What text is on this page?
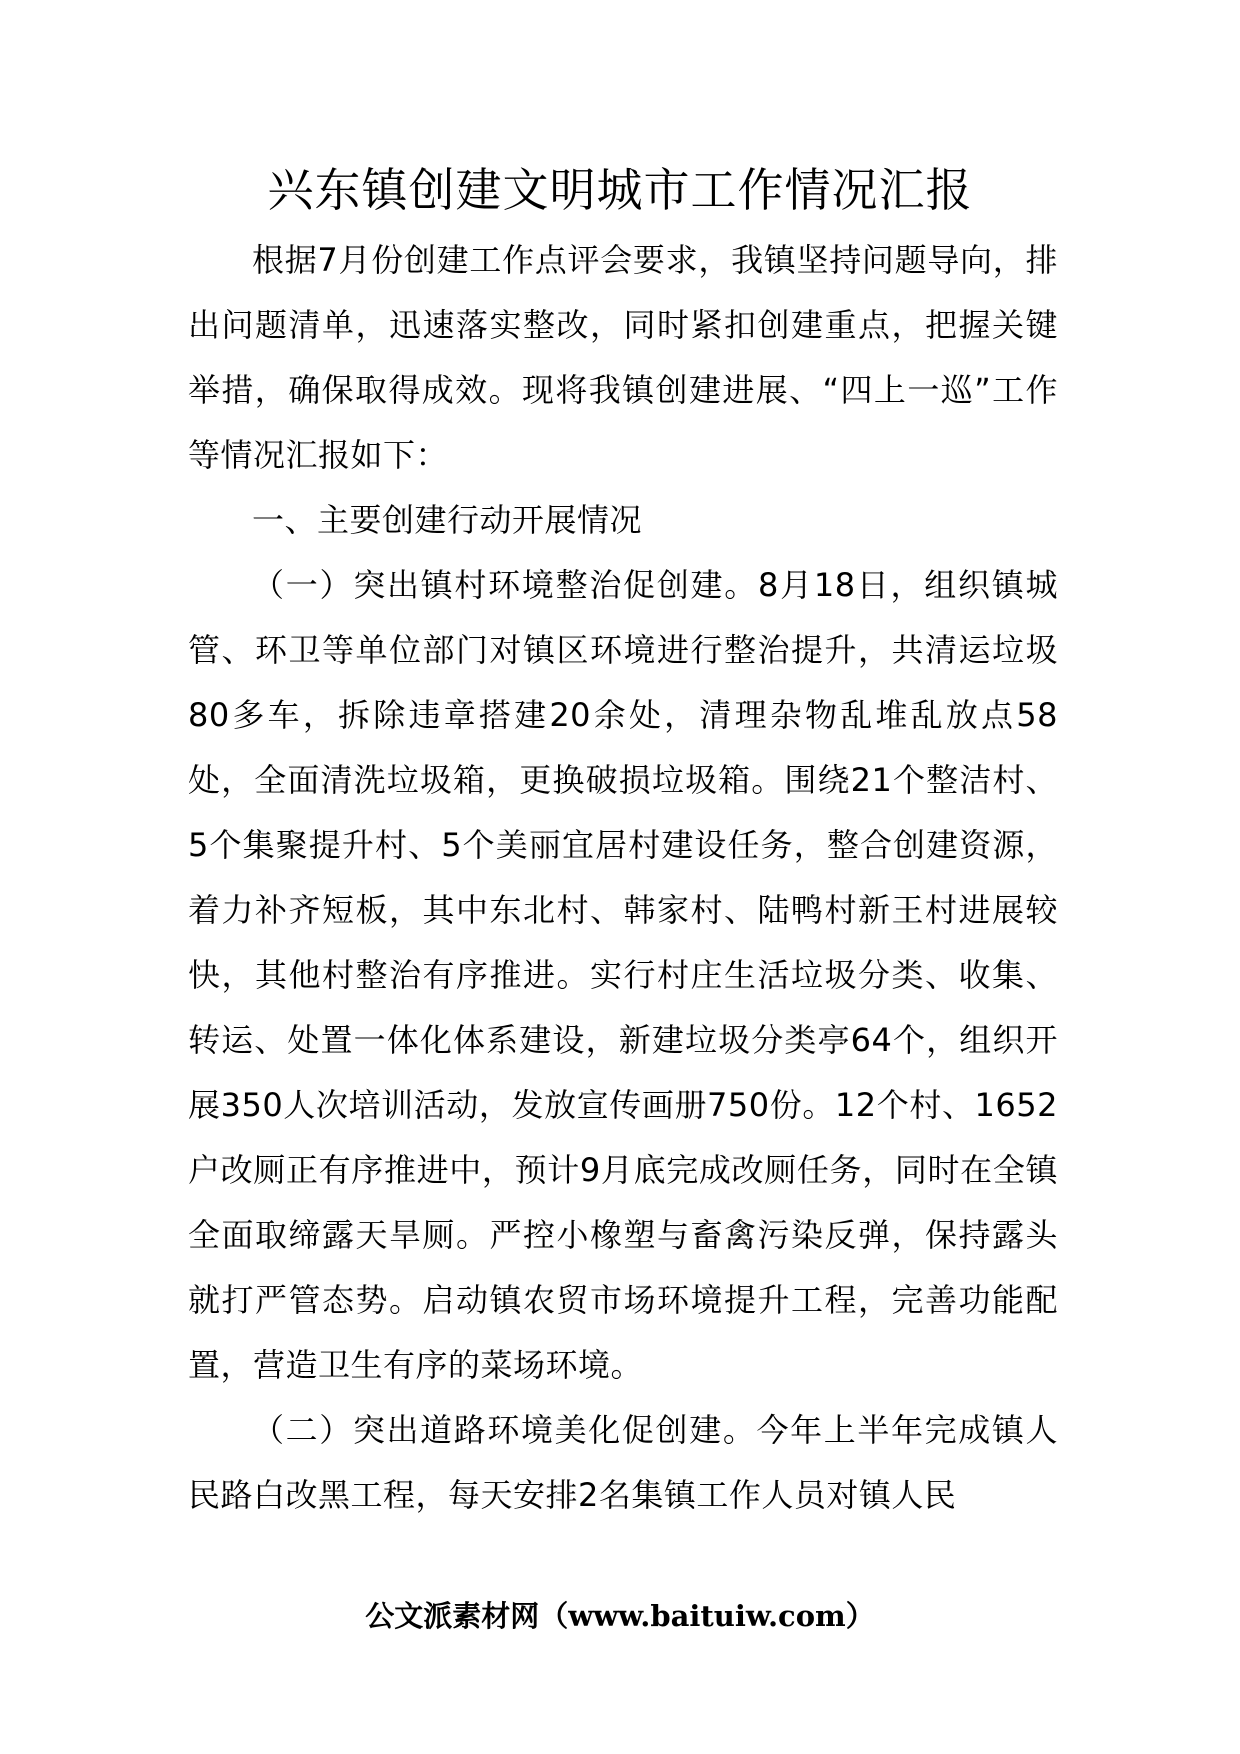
兴东镇创建文明城市工作情况汇报

根据7月份创建工作点评会要求，我镇坚持问题导向，排出问题清单，迅速落实整改，同时紧扣创建重点，把握关键举措，确保取得成效。现将我镇创建进展、“四上一巡”工作等情况汇报如下：

一、主要创建行动开展情况

（一）突出镇村环境整治促创建。8月18日，组织镇城管、环卫等单位部门对镇区环境进行整治提升，共清运垃圾80多车，拆除违章搭建20余处，清理杂物乱堆乱放点58处，全面清洗垃圾箱，更换破损垃圾箱。围绕21个整洁村、5个集聚提升村、5个美丽宜居村建设任务，整合创建资源，着力补齐短板，其中东北村、韩家村、陆鸭村新王村进展较快，其他村整治有序推进。实行村庄生活垃圾分类、收集、转运、处置一体化体系建设，新建垃圾分类亭64个，组织开展350人次培训活动，发放宣传画册750份。12个村、1652户改厕正有序推进中，预计9月底完成改厕任务，同时在全镇全面取缔露天旱厕。严控小橡塑与畜禽污染反弹，保持露头就打严管态势。启动镇农贸市场环境提升工程，完善功能配置，营造卫生有序的菜场环境。

（二）突出道路环境美化促创建。今年上半年完成镇人民路白改黑工程，每天安排2名集镇工作人员对镇人民

公文派素材网（www.baituiw.com）
